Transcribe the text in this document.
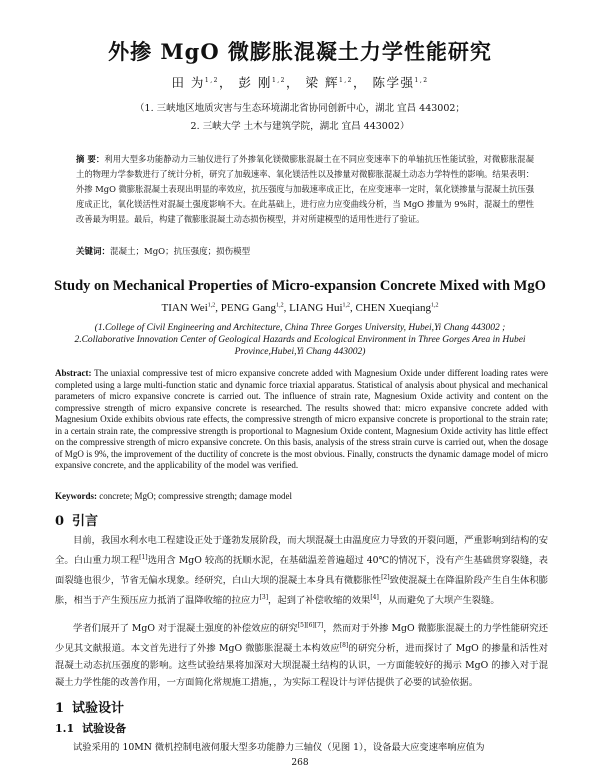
外掺 MgO 微膨胀混凝土力学性能研究
田 为$^{1,2}$， 彭 刚$^{1,2}$， 梁 辉$^{1,2}$， 陈学强$^{1,2}$
（1. 三峡地区地质灾害与生态环境湖北省协同创新中心，湖北 宜昌 443002；
2. 三峡大学 土木与建筑学院，湖北 宜昌 443002）
摘 要：利用大型多功能静动力三轴仪进行了外掺氧化镁微膨胀混凝土在不同应变速率下的单轴抗压性能试验，对微膨胀混凝土的物理力学参数进行了统计分析，研究了加载速率、氧化镁活性以及掺量对微膨胀混凝土动态力学特性的影响。结果表明：外掺 MgO 微膨胀混凝土表现出明显的率效应，抗压强度与加载速率成正比，在应变速率一定时，氧化镁掺量与混凝土抗压强度成正比，氧化镁活性对混凝土强度影响不大。在此基础上，进行应力应变曲线分析，当 MgO 掺量为 9%时，混凝土的塑性改善最为明显。最后，构建了微膨胀混凝土动态损伤模型，并对所建模型的适用性进行了验证。
关键词：混凝土；MgO；抗压强度；损伤模型
Study on Mechanical Properties of Micro-expansion Concrete Mixed with MgO
TIAN Wei$^{1,2}$, PENG Gang$^{1,2}$, LIANG Hui$^{1,2}$, CHEN Xueqiang$^{1,2}$
(1.College of Civil Engineering and Architecture, China Three Gorges University, Hubei,Yi Chang 443002 ;
2.Collaborative Innovation Center of Geological Hazards and Ecological Environment in Three Gorges Area in Hubei Province,Hubei,Yi Chang 443002)
Abstract: The uniaxial compressive test of micro expansive concrete added with Magnesium Oxide under different loading rates were completed using a large multi-function static and dynamic force triaxial apparatus. Statistical of analysis about physical and mechanical parameters of micro expansive concrete is carried out. The influence of strain rate, Magnesium Oxide activity and content on the compressive strength of micro expansive concrete is researched. The results showed that: micro expansive concrete added with Magnesium Oxide exhibits obvious rate effects, the compressive strength of micro expansive concrete is proportional to the strain rate; in a certain strain rate, the compressive strength is proportional to Magnesium Oxide content, Magnesium Oxide activity has little effect on the compressive strength of micro expansive concrete. On this basis, analysis of the stress strain curve is carried out, when the dosage of MgO is 9%, the improvement of the ductility of concrete is the most obvious. Finally, constructs the dynamic damage model of micro expansive concrete, and the applicability of the model was verified.
Keywords: concrete; MgO; compressive strength; damage model
0 引言
目前，我国水利水电工程建设正处于蓬勃发展阶段，而大坝混凝土由温度应力导致的开裂问题，严重影响到结构的安全。白山重力坝工程[1]选用含 MgO 较高的抚顺水泥，在基础温差普遍超过 40℃的情况下，没有产生基础贯穿裂缝，表面裂缝也很少，节省无偏水现象。经研究，白山大坝的混凝土本身具有微膨胀性[2]致使混凝土在降温阶段产生自生体积膨胀，相当于产生预压应力抵消了温降收缩的拉应力[3]，起到了补偿收缩的效果[4]，从而避免了大坝产生裂缝。
学者们展开了 MgO 对于混凝土强度的补偿效应的研究[5][6][7]，然而对于外掺 MgO 微膨胀混凝土的力学性能研究还少见其文献报道。本文首先进行了外掺 MgO 微膨胀混凝土本构效应[8]的研究分析，进而探讨了 MgO 的掺量和活性对混凝土动态抗压强度的影响。这些试验结果将加深对大坝混凝土结构的认识，一方面能较好的揭示 MgO 的掺入对于混凝土力学性能的改善作用，一方面简化常规施工措施，，为实际工程设计与评估提供了必要的试验依据。
1 试验设计
1.1 试验设备
试验采用的 10MN 微机控制电液伺服大型多功能静力三轴仪（见图 1），设备最大应变速率响应值为
268
